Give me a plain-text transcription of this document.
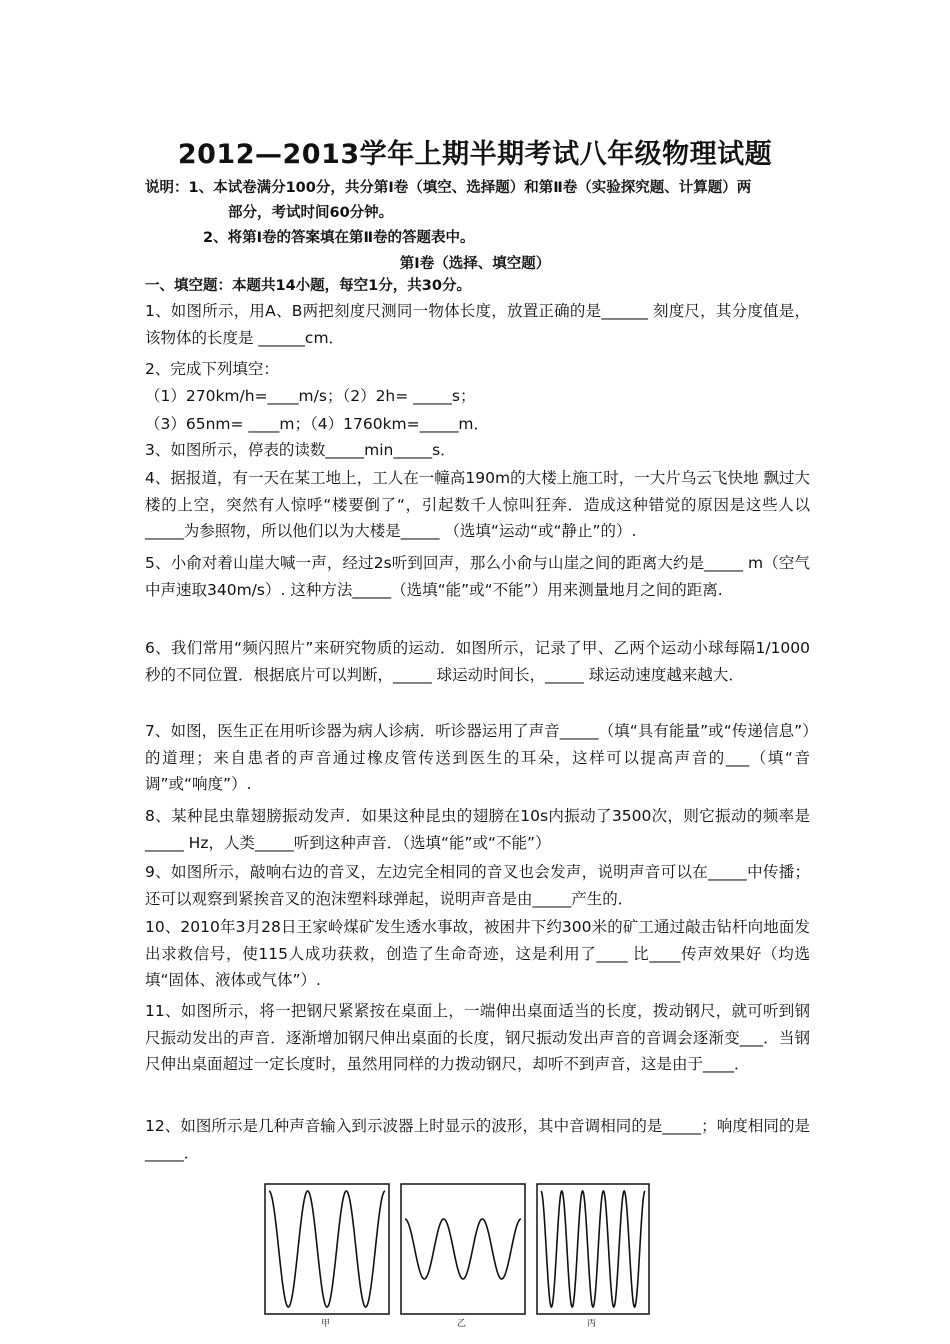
2012—2013学年上期半期考试八年级物理试题
说明：1、本试卷满分100分，共分第Ⅰ卷（填空、选择题）和第Ⅱ卷（实验探究题、计算题）两
部分，考试时间60分钟。
2、将第Ⅰ卷的答案填在第Ⅱ卷的答题表中。
第Ⅰ卷（选择、填空题）
一、填空题：本题共14小题，每空1分，共30分。
1、如图所示，用A、B两把刻度尺测同一物体长度，放置正确的是______ 刻度尺，其分度值是，该物体的长度是 ______cm．
2、完成下列填空：
（1）270km/h=____m/s；（2）2h= _____s；
（3）65nm= ____m；（4）1760km=_____m．
3、如图所示，停表的读数_____min_____s．
4、据报道，有一天在某工地上，工人在一幢高190m的大楼上施工时，一大片乌云飞快地 飘过大楼的上空，突然有人惊呼“楼要倒了“，引起数千人惊叫狂奔．造成这种错觉的原因是这些人以_____为参照物，所以他们以为大楼是_____ （选填“运动“或“静止”的）.
5、小俞对着山崖大喊一声，经过2s听到回声，那么小俞与山崖之间的距离大约是_____ m（空气中声速取340m/s）. 这种方法_____（选填“能”或“不能”）用来测量地月之间的距离.
6、我们常用“频闪照片”来研究物质的运动．如图所示，记录了甲、乙两个运动小球每隔1/1000 秒的不同位置．根据底片可以判断，_____ 球运动时间长，_____ 球运动速度越来越大．
7、如图，医生正在用听诊器为病人诊病．听诊器运用了声音_____（填“具有能量”或“传递信息”）的道理；来自患者的声音通过橡皮管传送到医生的耳朵，这样可以提高声音的___（填“音调”或“响度”）.
8、某种昆虫靠翅膀振动发声．如果这种昆虫的翅膀在10s内振动了3500次，则它振动的频率是_____ Hz，人类_____听到这种声音．（选填“能”或“不能”）
9、如图所示，敲响右边的音叉，左边完全相同的音叉也会发声，说明声音可以在_____中传播；还可以观察到紧挨音叉的泡沫塑料球弹起，说明声音是由_____产生的．
10、2010年3月28日王家岭煤矿发生透水事故，被困井下约300米的矿工通过敲击钻杆向地面发出求救信号，使115人成功获救，创造了生命奇迹，这是利用了____ 比____传声效果好（均选填“固体、液体或气体”）.
11、如图所示，将一把钢尺紧紧按在桌面上，一端伸出桌面适当的长度，拨动钢尺，就可听到钢尺振动发出的声音．逐渐增加钢尺伸出桌面的长度，钢尺振动发出声音的音调会逐渐变___．当钢尺伸出桌面超过一定长度时，虽然用同样的力拨动钢尺，却听不到声音，这是由于____．
12、如图所示是几种声音输入到示波器上时显示的波形，其中音调相同的是_____；响度相同的是_____．
甲	乙	丙
